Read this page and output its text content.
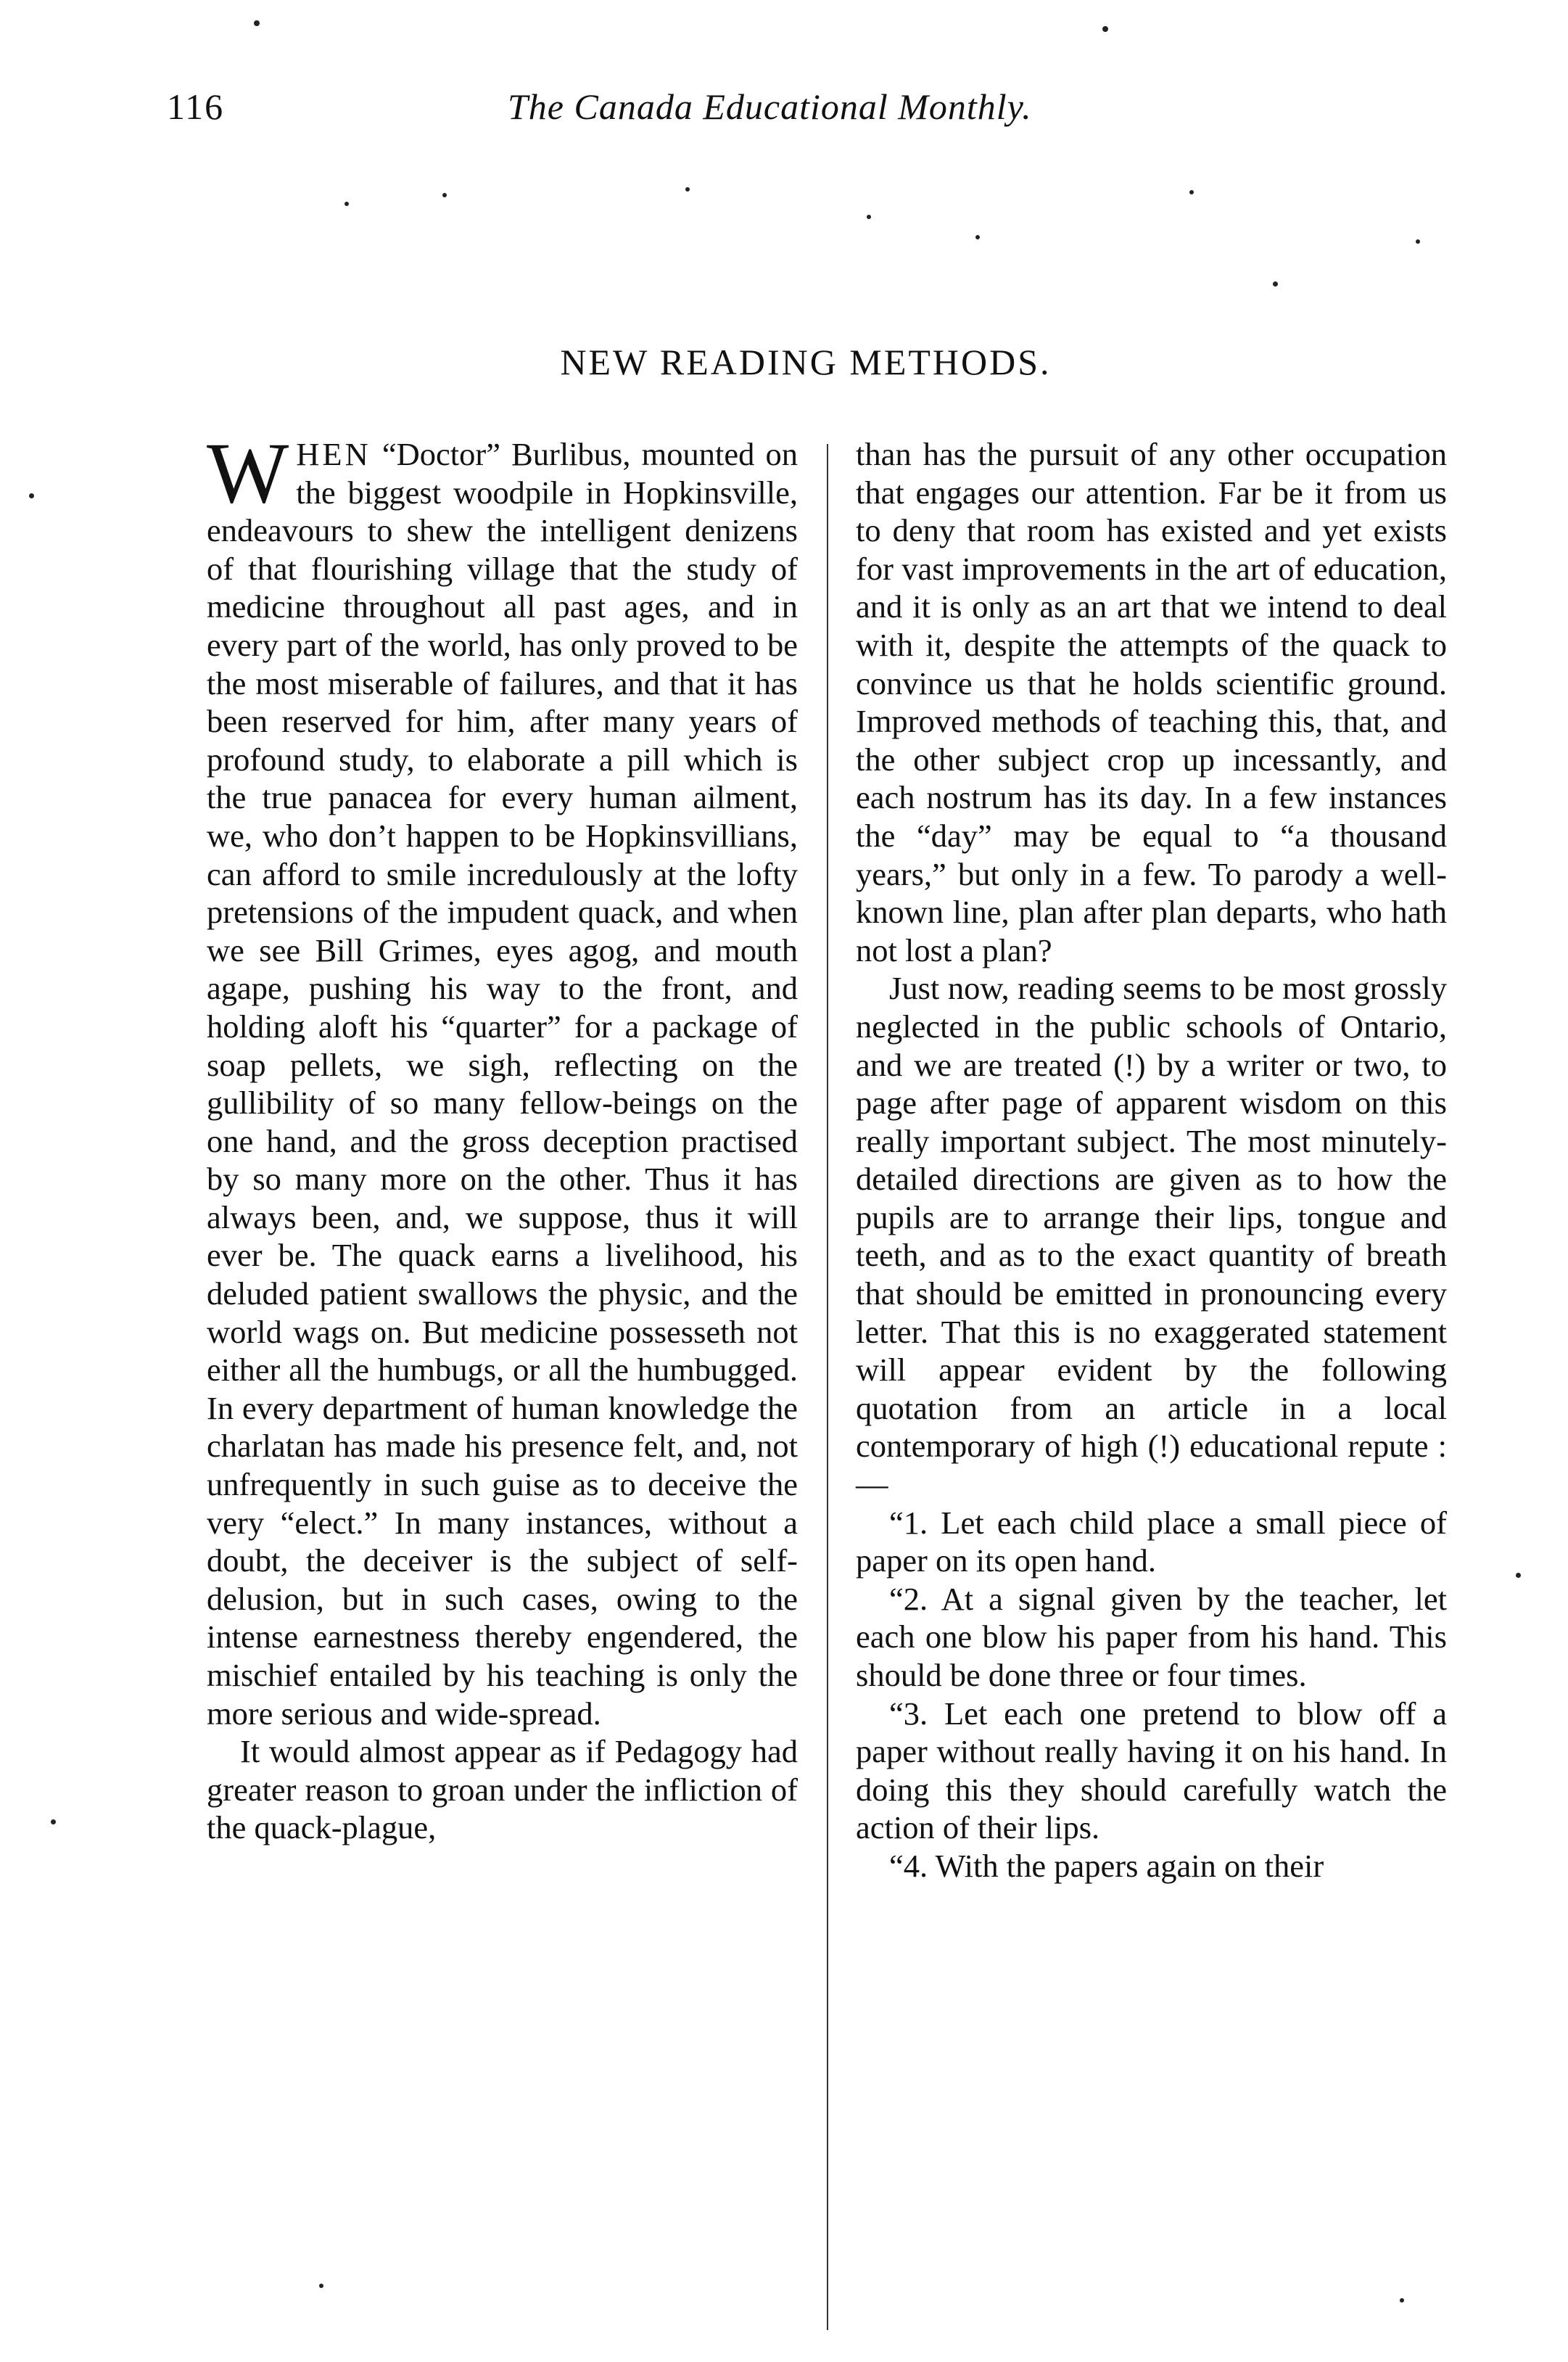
116	The Canada Educational Monthly.
NEW READING METHODS.

WHEN “Doctor” Burlibus, mounted on the biggest woodpile in Hopkinsville, endeavours to shew the intelligent denizens of that flourishing village that the study of medicine throughout all past ages, and in every part of the world, has only proved to be the most miserable of failures, and that it has been reserved for him, after many years of profound study, to elaborate a pill which is the true panacea for every human ailment, we, who don’t happen to be Hopkinsvillians, can afford to smile incredulously at the lofty pretensions of the impudent quack, and when we see Bill Grimes, eyes agog, and mouth agape, pushing his way to the front, and holding aloft his “quarter” for a package of soap pellets, we sigh, reflecting on the gullibility of so many fellow-beings on the one hand, and the gross deception practised by so many more on the other. Thus it has always been, and, we suppose, thus it will ever be. The quack earns a livelihood, his deluded patient swallows the physic, and the world wags on. But medicine possesseth not either all the humbugs, or all the humbugged. In every department of human knowledge the charlatan has made his presence felt, and, not unfrequently in such guise as to deceive the very “elect.” In many instances, without a doubt, the deceiver is the subject of self-delusion, but in such cases, owing to the intense earnestness thereby engendered, the mischief entailed by his teaching is only the more serious and wide-spread.

It would almost appear as if Pedagogy had greater reason to groan under the infliction of the quack-plague,

than has the pursuit of any other occupation that engages our attention. Far be it from us to deny that room has existed and yet exists for vast improvements in the art of education, and it is only as an art that we intend to deal with it, despite the attempts of the quack to convince us that he holds scientific ground. Improved methods of teaching this, that, and the other subject crop up incessantly, and each nostrum has its day. In a few instances the “day” may be equal to “a thousand years,” but only in a few. To parody a well-known line, plan after plan departs, who hath not lost a plan?

Just now, reading seems to be most grossly neglected in the public schools of Ontario, and we are treated (!) by a writer or two, to page after page of apparent wisdom on this really important subject. The most minutely-detailed directions are given as to how the pupils are to arrange their lips, tongue and teeth, and as to the exact quantity of breath that should be emitted in pronouncing every letter. That this is no exaggerated statement will appear evident by the following quotation from an article in a local contemporary of high (!) educational repute :—

“1. Let each child place a small piece of paper on its open hand.

“2. At a signal given by the teacher, let each one blow his paper from his hand. This should be done three or four times.

“3. Let each one pretend to blow off a paper without really having it on his hand. In doing this they should carefully watch the action of their lips.

“4. With the papers again on their
